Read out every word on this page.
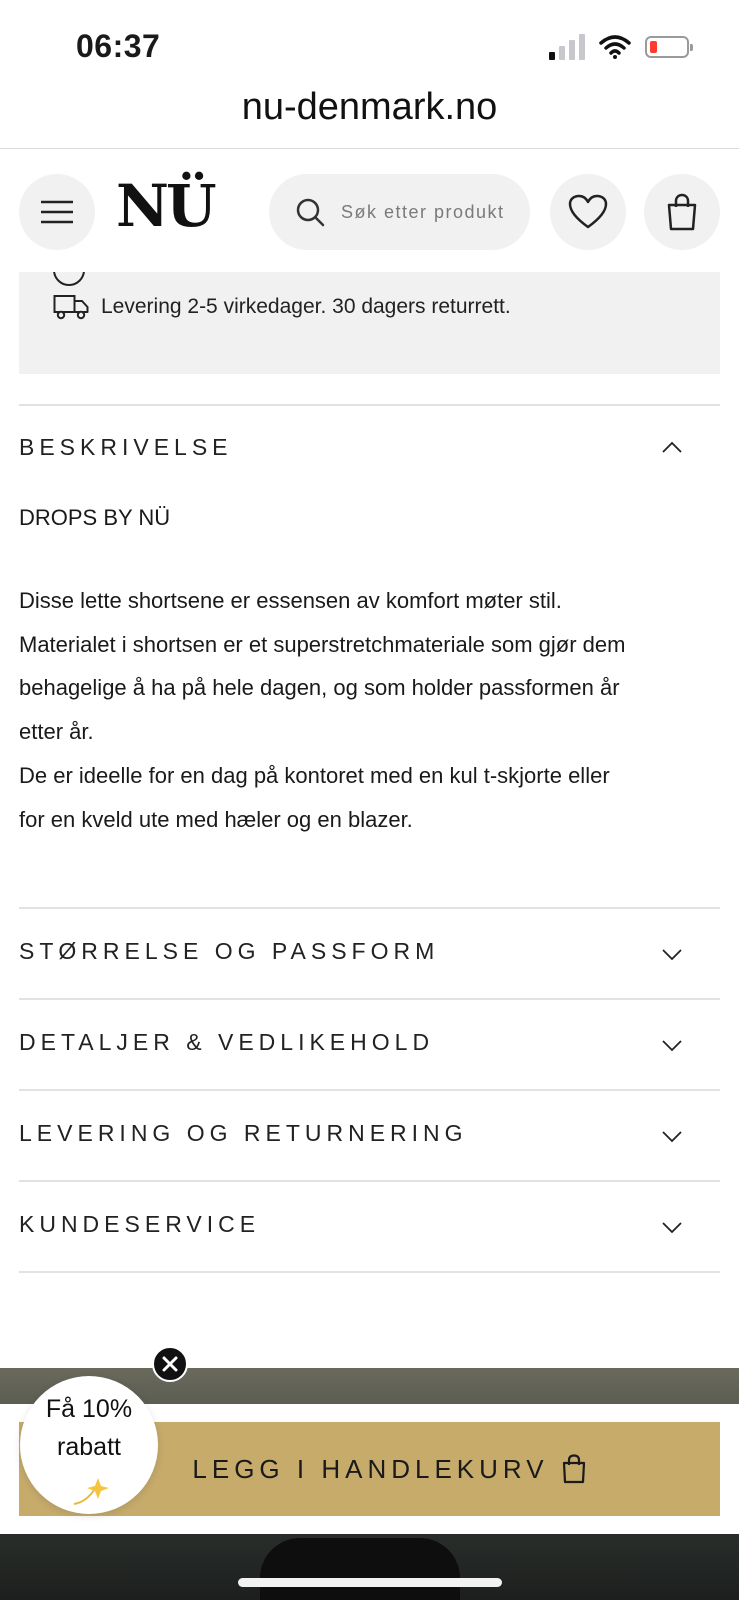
06:37
nu-denmark.no
NÜ
Søk etter produkt
Levering 2-5 virkedager. 30 dagers returrett.
BESKRIVELSE
DROPS BY NÜ

Disse lette shortsene er essensen av komfort møter stil.

Materialet i shortsen er et superstretchmateriale som gjør dem

behagelige å ha på hele dagen, og som holder passformen år

etter år.

De er ideelle for en dag på kontoret med en kul t-skjorte eller

for en kveld ute med hæler og en blazer.

STØRRELSE OG PASSFORM
DETALJER & VEDLIKEHOLD
LEVERING OG RETURNERING
KUNDESERVICE
LEGG I HANDLEKURV
Få 10%
rabatt
